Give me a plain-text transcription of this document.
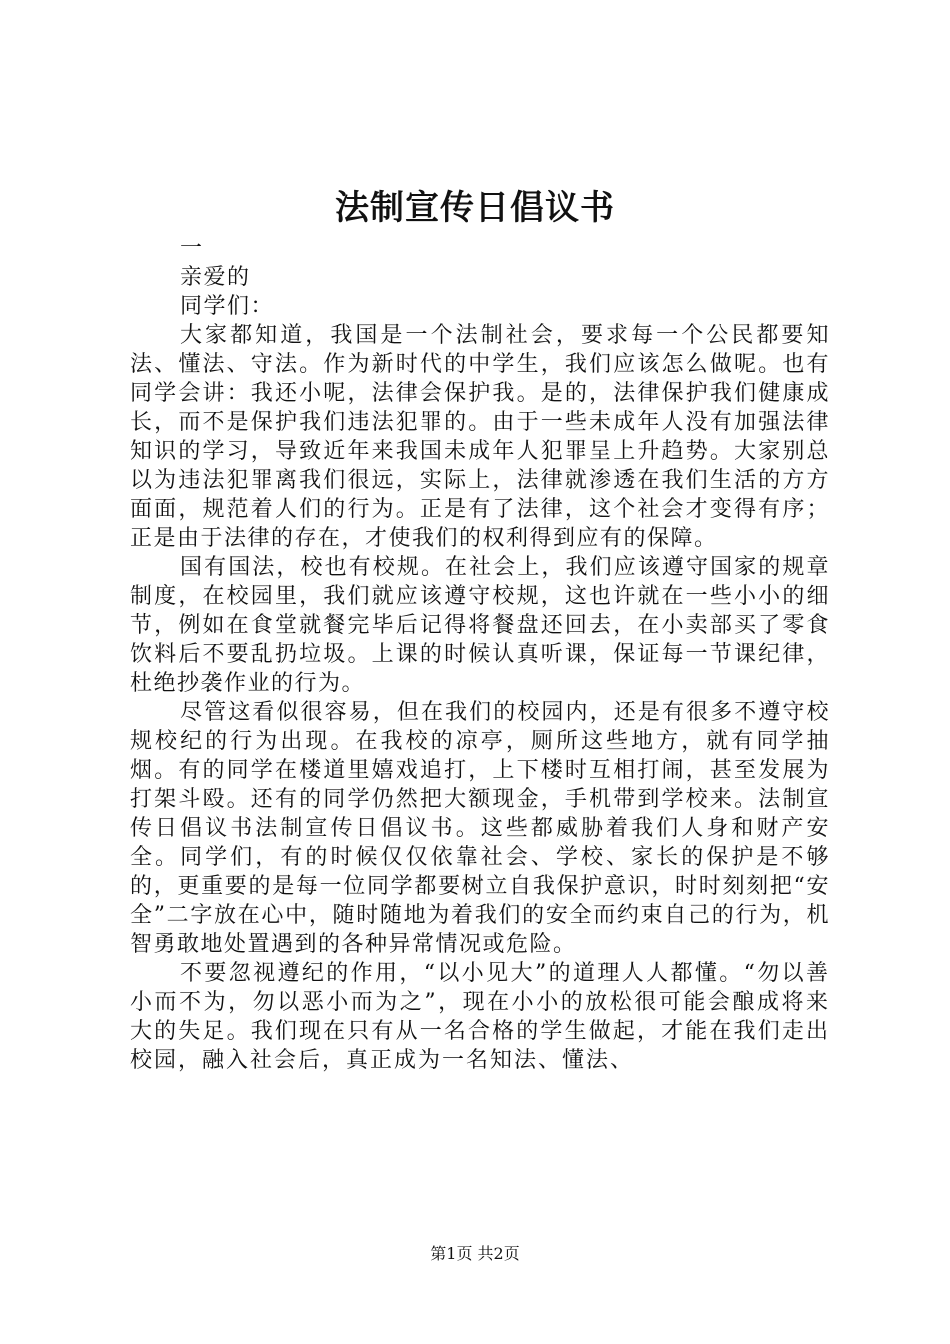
法制宣传日倡议书
一
亲爱的
同学们：

大家都知道，我国是一个法制社会，要求每一个公民都要知法、懂法、守法。作为新时代的中学生，我们应该怎么做呢。也有同学会讲：我还小呢，法律会保护我。是的，法律保护我们健康成长，而不是保护我们违法犯罪的。由于一些未成年人没有加强法律知识的学习，导致近年来我国未成年人犯罪呈上升趋势。大家别总以为违法犯罪离我们很远，实际上，法律就渗透在我们生活的方方面面，规范着人们的行为。正是有了法律，这个社会才变得有序；正是由于法律的存在，才使我们的权利得到应有的保障。

国有国法，校也有校规。在社会上，我们应该遵守国家的规章制度，在校园里，我们就应该遵守校规，这也许就在一些小小的细节，例如在食堂就餐完毕后记得将餐盘还回去，在小卖部买了零食饮料后不要乱扔垃圾。上课的时候认真听课，保证每一节课纪律，杜绝抄袭作业的行为。

尽管这看似很容易，但在我们的校园内，还是有很多不遵守校规校纪的行为出现。在我校的凉亭，厕所这些地方，就有同学抽烟。有的同学在楼道里嬉戏追打，上下楼时互相打闹，甚至发展为打架斗殴。还有的同学仍然把大额现金，手机带到学校来。法制宣传日倡议书法制宣传日倡议书。这些都威胁着我们人身和财产安全。同学们，有的时候仅仅依靠社会、学校、家长的保护是不够的，更重要的是每一位同学都要树立自我保护意识，时时刻刻把“安全”二字放在心中，随时随地为着我们的安全而约束自己的行为，机智勇敢地处置遇到的各种异常情况或危险。

不要忽视遵纪的作用，“以小见大”的道理人人都懂。“勿以善小而不为，勿以恶小而为之”，现在小小的放松很可能会酿成将来大的失足。我们现在只有从一名合格的学生做起，才能在我们走出校园，融入社会后，真正成为一名知法、懂法、

第1页 共2页
